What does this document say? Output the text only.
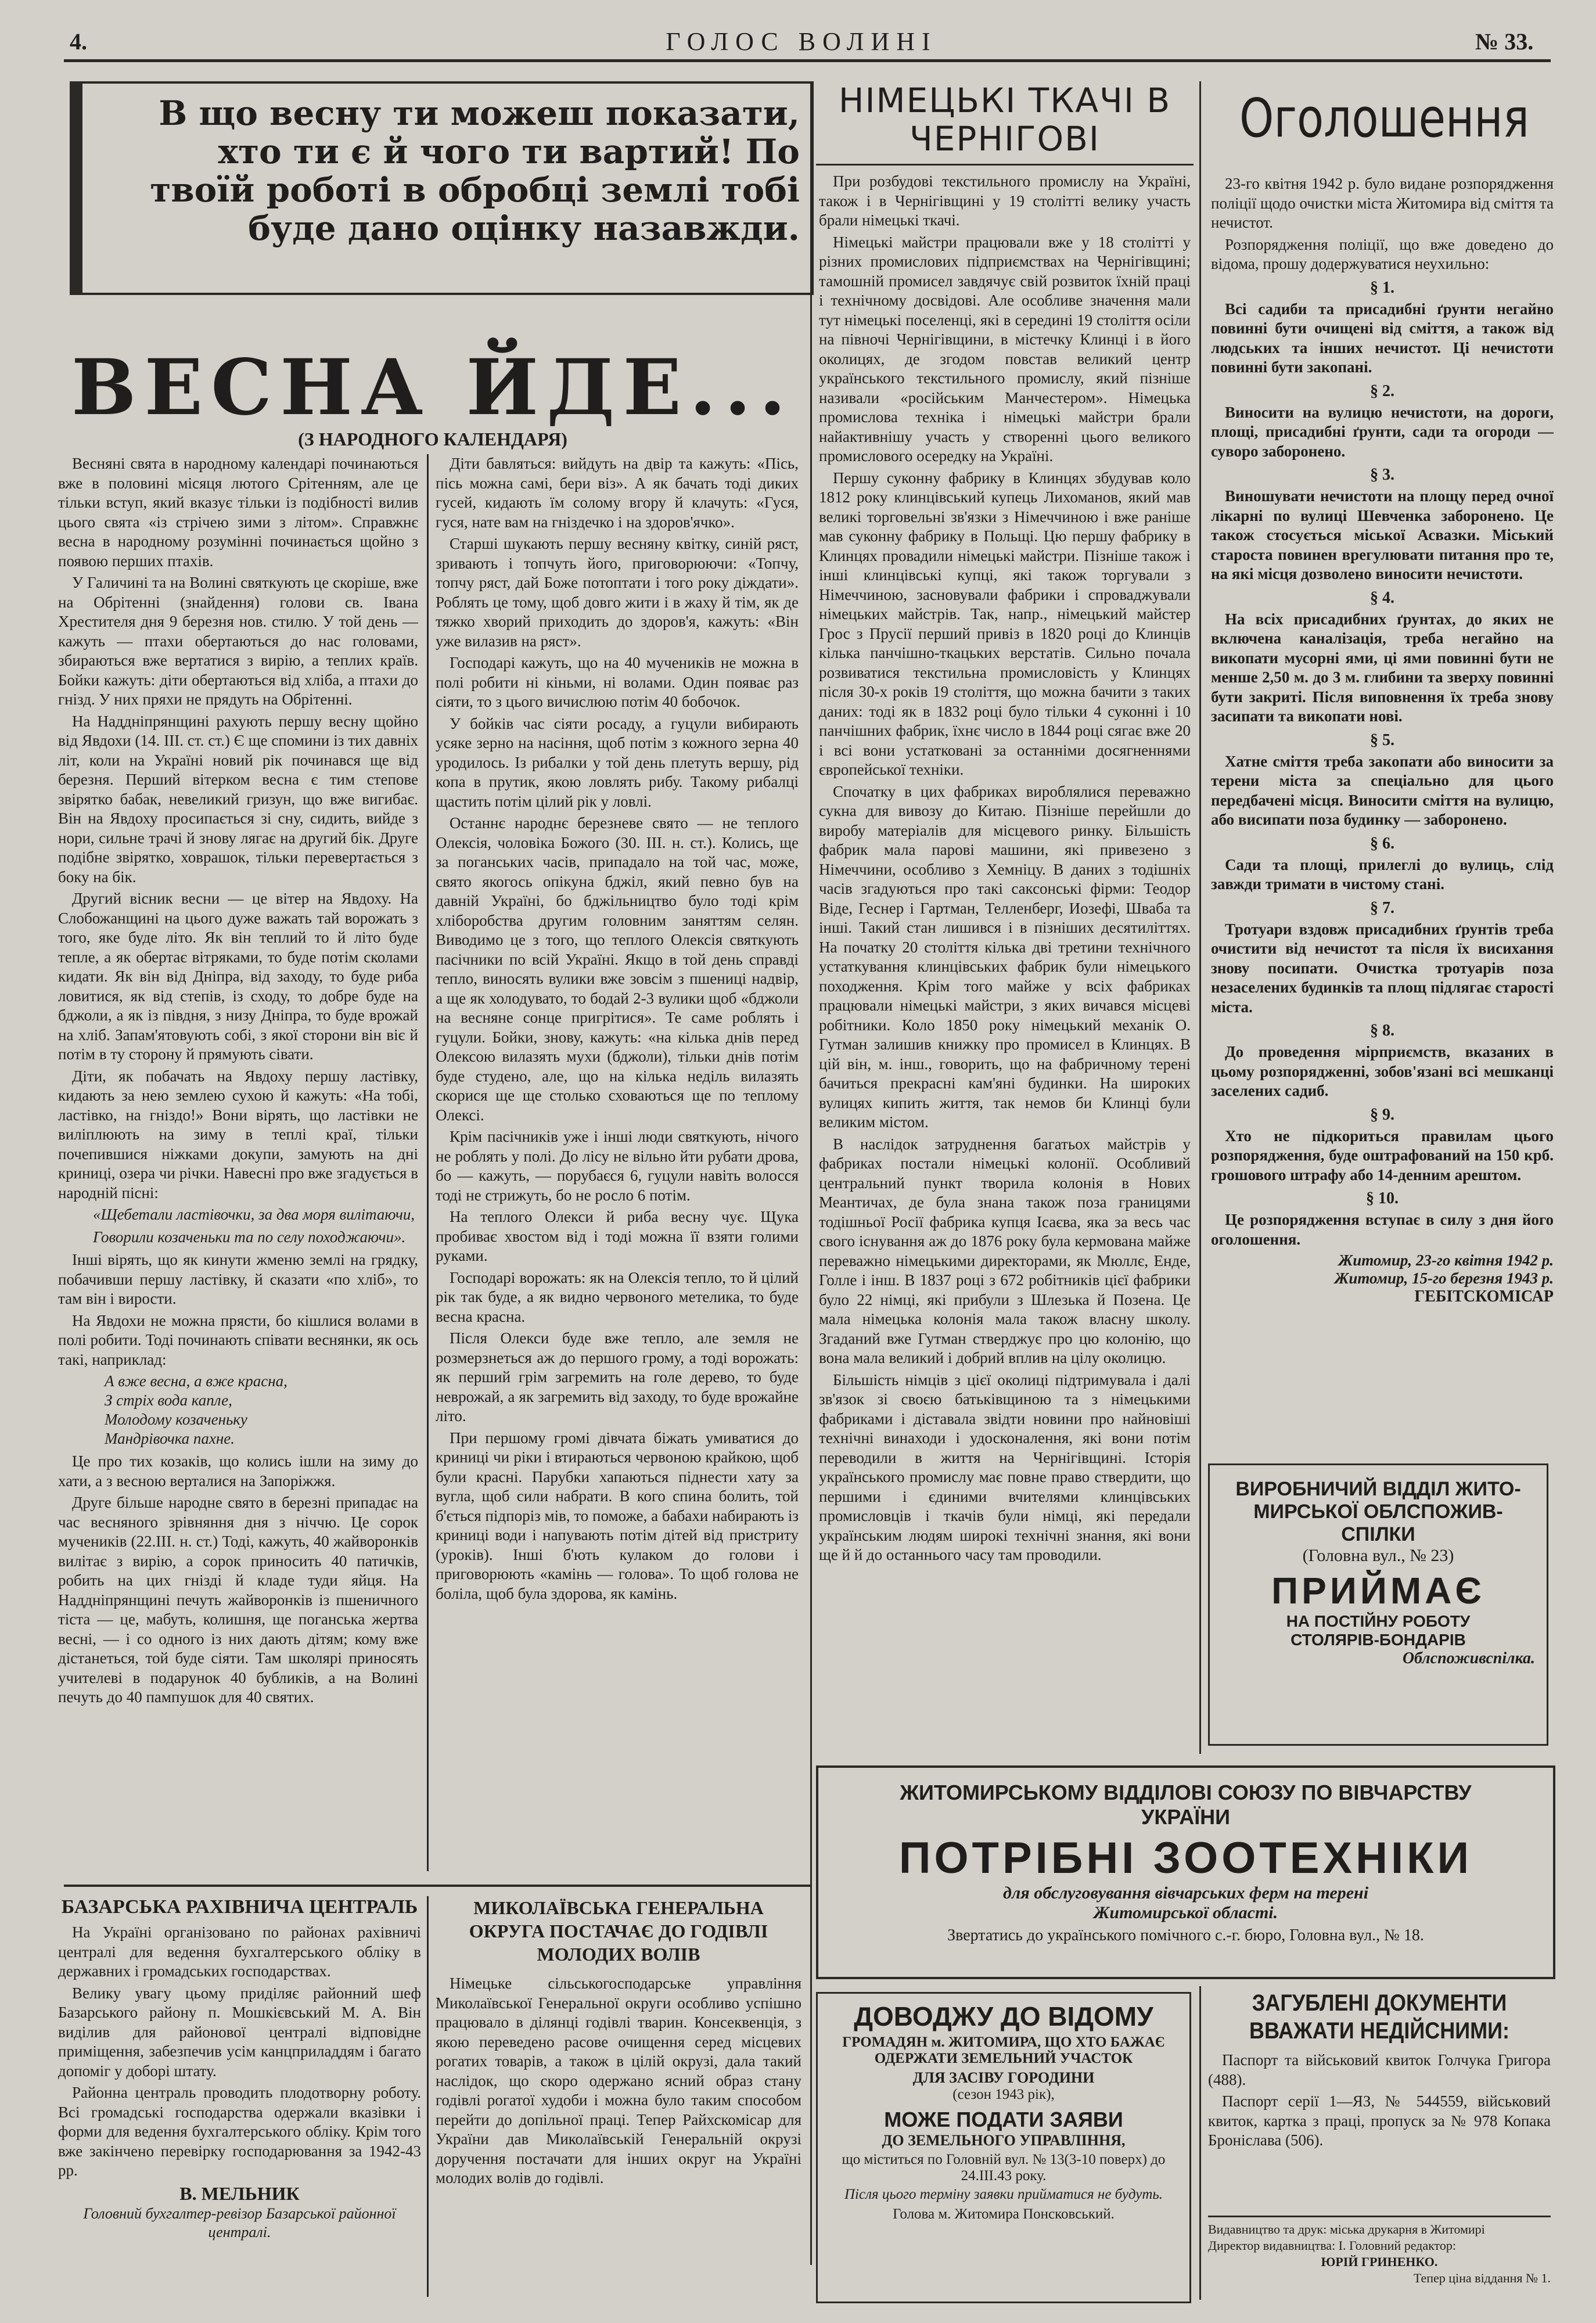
4.	ГОЛОС ВОЛИНІ	№ 33.
В що весну ти можеш показати, хто ти є й чого ти вартий! По твоїй роботі в обробці землі тобі буде дано оцінку назавжди.
ВЕСНА ЙДЕ...
(З НАРОДНОГО КАЛЕНДАРЯ)

Весняні свята в народному календарі починаються вже в половині місяця лютого Срітенням, але це тільки вступ, який вказує тільки із подібності вилив цього свята «із стрічею зими з літом». Справжнє весна в народному розумінні починається щойно з появою перших птахів.

У Галичині та на Волині святкують це скоріше, вже на Обрітенні (знайдення) голови св. Івана Хрестителя дня 9 березня нов. стилю. У той день — кажуть — птахи обертаються до нас головами, збираються вже вертатися з вирію, а теплих країв. Бойки кажуть: діти обертаються від хліба, а птахи до гнізд. У них пряхи не прядуть на Обрітенні.

На Наддніпрянщині рахують першу весну щойно від Явдохи (14. ІІІ. ст. ст.) Є ще спомини із тих давніх літ, коли на Україні новий рік починався ще від березня. Перший вітерком весна є тим степове звірятко бабак, невеликий гризун, що вже вигибає. Він на Явдоху просипається зі сну, сидить, вийде з нори, сильне трачі й знову лягає на другий бік. Друге подібне звірятко, ховрашок, тільки перевертається з боку на бік.

Другий вісник весни — це вітер на Явдоху. На Слобожанщині на цього дуже важать тай ворожать з того, яке буде літо. Як він теплий то й літо буде тепле, а як обертає вітряками, то буде потім сколами кидати. Як він від Дніпра, від заходу, то буде рибa ловитися, як від степів, із сходу, то добре буде на бджоли, а як із півдня, з низу Дніпра, то буде врожай на хліб. Запам'ятовують собі, з якої сторони він віє й потім в ту сторону й прямують сівати.

Діти, як побачать на Явдоху першу ластівку, кидають за нею землею сухою й кажуть: «На тобі, ластівко, на гніздо!» Вони вірять, що ластівки не виліплюють на зиму в теплі краї, тільки почепившися ніжками докупи, замують на дні криниці, озера чи річки. Навесні про вже згадується в народній пісні:

«Щебетали ластівочки, за два моря вилітаючи,
Говорили козаченьки та по селу походжаючи».

Інші вірять, що як кинути жменю землі на грядку, побачивши першу ластівку, й сказати «по хліб», то там він і вирости.

На Явдохи не можна прясти, бо кішлися волами в полі робити. Тоді починають співати веснянки, як ось такі, наприклад:

А вже весна, а вже красна,
З стріх вода капле,
Молодому козаченьку
Мандрівочка пахне.

Це про тих козаків, що колись ішли на зиму до хати, а з весною верталися на Запоріжжя.

Друге більше народне свято в березні припадає на час весняного зрівняння дня з ніччю. Це сорок мучеників (22.ІІІ. н. ст.) Тоді, кажуть, 40 жайворонків вилітає з вирію, а сорок приносить 40 патичків, робить на цих гнізді й кладе туди яйця. На Наддніпрянщині печуть жайворонків із пшеничного тіста — це, мабуть, колишня, ще поганська жертва весні, — і со одного із них дають дітям; кому вже дістанеться, той буде сіяти. Там школярі приносять учителеві в подарунок 40 бубликів, а на Волині печуть до 40 пампушок для 40 святих.

Діти бавляться: вийдуть на двір та кажуть: «Пісь, пісь можна самі, бери віз». А як бачать тоді диких гусей, кидають їм солому вгору й клачуть: «Гуся, гуся, нате вам на гніздечко і на здоров'ячко».

Старші шукають першу весняну квітку, синій ряст, зривають і топчуть його, приговорюючи: «Топчу, топчу ряст, дай Боже потоптати і того року діждати». Роблять це тому, щоб довго жити і в жаху й тім, як де тяжко хворий приходить до здоров'я, кажуть: «Він уже вилазив на ряст».

Господарі кажуть, що на 40 мучеників не можна в полі робити ні кіньми, ні волами. Один появає раз сіяти, то з цього вичислюю потім 40 бобочок.

У бойків час сіяти росаду, а гуцули вибирають усяке зерно на насіння, щоб потім з кожного зерна 40 уродилось. Із рибалки у той день плетуть вершу, рід копа в прутик, якою ловлять рибу. Такому рибалці щастить потім цілий рік у ловлі.

Останнє народнє березневе свято — не теплого Олексія, чоловіка Божого (30. ІІІ. н. ст.). Колись, ще за поганських часів, припадало на той час, може, свято якогось опікуна бджіл, який певно був на давній Україні, бо бджільництво було тоді крім хліборобства другим головним заняттям селян. Виводимо це з того, що теплого Олексія святкують пасічники по всій Україні. Якщо в той день справді тепло, виносять вулики вже зовсім з пшениці надвір, а ще як холодувато, то бодай 2-3 вулики щоб «бджоли на весняне сонце пригрітися». Те саме роблять і гуцули. Бойки, знову, кажуть: «на кілька днів перед Олексою вилазять мухи (бджоли), тільки днів потім буде студено, але, що на кілька неділь вилазять скорися ще ще столько сховаються ще по теплому Олексі.

Крім пасічників уже і інші люди святкують, нічого не роблять у полі. До лісу не вільно йти рубати дрова, бо — кажуть, — порубаєся 6, гуцули навіть волосся тоді не стрижуть, бо не росло 6 потім.

На теплого Олекси й риба весну чує. Щука пробиває хвостом від і тоді можна її взяти голими руками.

Господарі ворожать: як на Олексія тепло, то й цілий рік так буде, а як видно червоного метелика, то буде весна красна.

Після Олекси буде вже тепло, але земля не розмерзнеться аж до першого грому, а тоді ворожать: як перший грім загремить на голе дерево, то буде неврожай, а як загремить від заходу, то буде врожайне літо.

При першому громі дівчата біжать умиватися до криниці чи ріки і втираються червоною крайкою, щоб були красні. Парубки хапаються піднести хату за вугла, щоб сили набрати. В кого спина болить, той б'ється підпоріз мів, то поможе, а бабахи набирають із криниці води і напувають потім дітей від пристриту (уроків). Інші б'ють кулаком до голови і приговорюють «камінь — голова». То щоб голова не боліла, щоб була здорова, як камінь.

БАЗАРСЬКА РАХІВНИЧА ЦЕНТРАЛЬ

На Україні організовано по районах рахівничі централі для ведення бухгалтерського обліку в державних і громадських господарствах.

Велику увагу цьому приділяє районний шеф Базарського району п. Мошкієвський М. А. Він виділив для районової централі відповідне приміщення, забезпечив усім канцприладдям і багато допоміг у доборі штату.

Районна централь проводить плодотворну роботу. Всі громадські господарства одержали вказівки і форми для ведення бухгалтерського обліку. Крім того вже закінчено перевірку господарювання за 1942-43 рр.

В. МЕЛЬНИК
Головний бухгалтер-ревізор Базарської районної централі.
МИКОЛАЇВСЬКА ГЕНЕРАЛЬНА ОКРУГА ПОСТАЧАЄ ДО ГОДІВЛІ МОЛОДИХ ВОЛІВ

Німецьке сільськогосподарське управління Миколаївської Генеральної округи особливо успішно працювало в ділянці годівлі тварин. Консеквенція, з якою переведено расове очищення серед місцевих рогатих товарів, а також в цілій окрузі, дала такий наслідок, що скоро одержано ясний образ стану годівлі рогатої худоби і можна було таким способом перейти до допільної праці. Тепер Райхскомісар для України дав Миколаївській Генеральній окрузі доручення постачати для інших округ на Україні молодих волів до годівлі.

НІМЕЦЬКІ ТКАЧІ В ЧЕРНІГОВІ

При розбудові текстильного промислу на Україні, також і в Чернігівщині у 19 столітті велику участь брали німецькі ткачі.

Німецькі майстри працювали вже у 18 столітті у різних промислових підприємствах на Чернігівщині; тамошній промисел завдячує свій розвиток їхній праці і технічному досвідові. Але особливе значення мали тут німецькі поселенці, які в середині 19 століття осіли на півночі Чернігівщини, в містечку Клинці і в його околицях, де згодом повстав великий центр українського текстильного промислу, який пізніше називали «російським Манчестером». Німецька промислова техніка і німецькі майстри брали найактивнішу участь у створенні цього великого промислового осередку на Україні.

Першу суконну фабрику в Клинцях збудував коло 1812 року клинцівський купець Лихоманов, який мав великі торговельні зв'язки з Німеччиною і вже раніше мав суконну фабрику в Польщі. Цю першу фабрику в Клинцях провадили німецькі майстри. Пізніше також і інші клинцівські купці, які також торгували з Німеччиною, засновували фабрики і спроваджували німецьких майстрів. Так, напр., німецький майстер Грос з Прусії перший привіз в 1820 році до Клинців кілька панчішно-ткацьких верстатів. Сильно почала розвиватися текстильна промисловість у Клинцях після 30-х років 19 століття, що можна бачити з таких даних: тоді як в 1832 році було тільки 4 суконні і 10 панчішних фабрик, їхнє число в 1844 році сягає вже 20 і всі вони устатковані за останніми досягненнями європейської техніки.

Спочатку в цих фабриках вироблялися переважно сукна для вивозу до Китаю. Пізніше перейшли до виробу матеріалів для місцевого ринку. Більшість фабрик мала парові машини, які привезено з Німеччини, особливо з Хемніцу. В даних з тодішніх часів згадуються про такі саксонські фірми: Теодор Віде, Геснер і Гартман, Телленберг, Иозефі, Шваба та інші. Такий стан лишився і в пізніших десятиліттях. На початку 20 століття кілька дві третини технічного устаткування клинцівських фабрик були німецького походження. Крім того майже у всіх фабриках працювали німецькі майстри, з яких вичався місцеві робітники. Коло 1850 року німецький механік О. Гутман залишив книжку про промисел в Клинцях. В цій він, м. інш., говорить, що на фабричному терені бачиться прекрасні кам'яні будинки. На широких вулицях кипить життя, так немов би Клинці були великим містом.

В наслідок затруднення багатьох майстрів у фабриках постали німецькі колонії. Особливий центральний пункт творила колонія в Нових Меантичах, де була знана також поза границями тодішньої Росії фабрика купця Ісаєва, яка за весь час свого існування аж до 1876 року була кермована майже переважно німецькими директорами, як Мюллє, Енде, Голле і інш. В 1837 році з 672 робітників цієї фабрики було 22 німці, які прибули з Шлезька й Позена. Це мала німецька колонія мала також власну школу. Згаданий вже Гутман стверджує про цю колонію, що вона мала великий і добрий вплив на цілу околицю.

Більшість німців з цієї околиці підтримувала і далі зв'язок зі своєю батьківщиною та з німецькими фабриками і діставала звідти новини про найновіші технічні винаходи і удосконалення, які вони потім переводили в життя на Чернігівщині. Історія українського промислу має повне право ствердити, що першими і єдиними вчителями клинцівських промисловців і ткачів були німці, які передали українським людям широкі технічні знання, які вони ще й й до останнього часу там проводили.

Оголошення

23-го квітня 1942 р. було видане розпорядження поліції щодо очистки міста Житомира від сміття та нечистот.

Розпорядження поліції, що вже доведено до відома, прошу додержуватися неухильно:

§ 1.

Всі садиби та присадибні ґрунти негайно повинні бути очищені від сміття, а також від людських та інших нечистот. Ці нечистоти повинні бути закопані.

§ 2.

Виносити на вулицю нечистоти, на дороги, площі, присадибні ґрунти, сади та огороди — суворо заборонено.

§ 3.

Виношувати нечистоти на площу перед очної лікарні по вулиці Шевченка заборонено. Це також стосується міської Асвазки. Міський староста повинен врегулювати питання про те, на які місця дозволено виносити нечистоти.

§ 4.

На всіх присадибних ґрунтах, до яких не включена каналізація, треба негайно на викопати мусорні ями, ці ями повинні бути не менше 2,50 м. до 3 м. глибини та зверху повинні бути закриті. Після виповнення їх треба знову засипати та викопати нові.

§ 5.

Хатне сміття треба закопати або виносити за терени міста за спеціально для цього передбачені місця. Виносити сміття на вулицю, або висипати поза будинку — заборонено.

§ 6.

Сади та площі, прилеглі до вулиць, слід завжди тримати в чистому стані.

§ 7.

Тротуари вздовж присадибних ґрунтів треба очистити від нечистот та після їх висихання знову посипати. Очистка тротуарів поза незаселених будинків та площ підлягає старості міста.

§ 8.

До проведення мірприємств, вказаних в цьому розпорядженні, зобов'язані всі мешканці заселених садиб.

§ 9.

Хто не підкориться правилам цього розпорядження, буде оштрафований на 150 крб. грошового штрафу або 14-денним арештом.

§ 10.

Це розпорядження вступає в силу з дня його оголошення.

Житомир, 23-го квітня 1942 р.
Житомир, 15-го березня 1943 р.
ГЕБІТСКОМІСАР
ВИРОБНИЧИЙ ВІДДІЛ ЖИТО-
МИРСЬКОЇ ОБЛСПОЖИВ-
СПІЛКИ
(Головна вул., № 23)
ПРИЙМАЄ
НА ПОСТІЙНУ РОБОТУ
СТОЛЯРІВ-БОНДАРІВ
Облспоживспілка.
ЖИТОМИРСЬКОМУ ВІДДІЛОВІ СОЮЗУ ПО ВІВЧАРСТВУ
УКРАЇНИ
ПОТРІБНІ ЗООТЕХНІКИ
для обслуговування вівчарських ферм на терені
Житомирської області.
Звертатись до українського помічного с.-г. бюро, Головна вул., № 18.
ДОВОДЖУ ДО ВІДОМУ
ГРОМАДЯН м. ЖИТОМИРА, ЩО ХТО БАЖАЄ ОДЕРЖАТИ ЗЕМЕЛЬНИЙ УЧАСТОК
ДЛЯ ЗАСІВУ ГОРОДИНИ
(сезон 1943 рік),
МОЖЕ ПОДАТИ ЗАЯВИ
ДО ЗЕМЕЛЬНОГО УПРАВЛІННЯ,
що міститься по Головній вул. № 13(3-10 поверх) до 24.ІІІ.43 року.
Після цього терміну заявки прийматися не будуть.
Голова м. Житомира Понсковський.
ЗАГУБЛЕНІ ДОКУМЕНТИ ВВАЖАТИ НЕДІЙСНИМИ:

Паспорт та військовий квиток Голчука Григора (488).

Паспорт серії 1—ЯЗ, № 544559, військовий квиток, картка з праці, пропуск за № 978 Копака Броніслава (506).

Видавництво та друк: міська друкарня в Житомирі
Директор видавництва: І. Головний редактор:
ЮРІЙ ГРИНЕНКО.
Тепер ціна віддання № 1.
